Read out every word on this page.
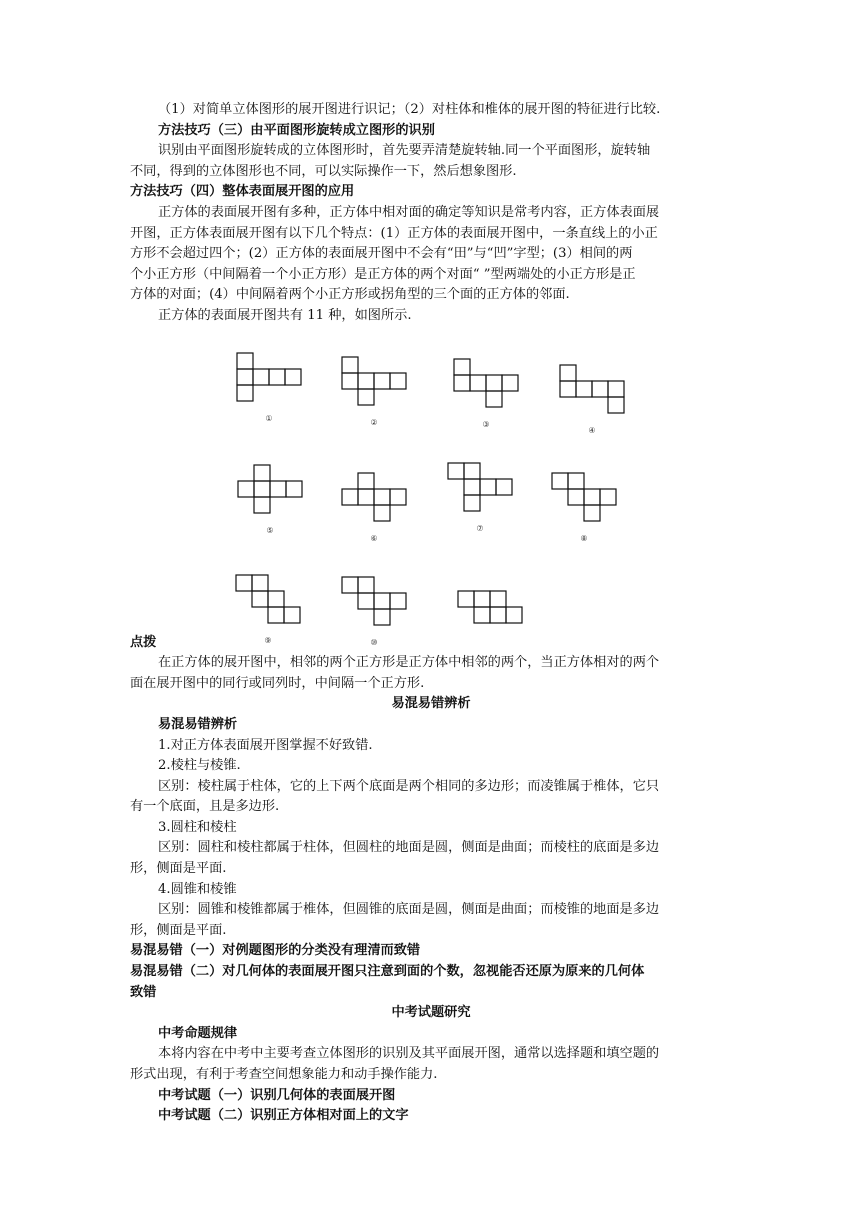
（1）对简单立体图形的展开图进行识记；（2）对柱体和椎体的展开图的特征进行比较.
方法技巧（三）由平面图形旋转成立图形的识别
识别由平面图形旋转成的立体图形时，首先要弄清楚旋转轴.同一个平面图形，旋转轴
不同，得到的立体图形也不同，可以实际操作一下，然后想象图形.
方法技巧（四）整体表面展开图的应用
正方体的表面展开图有多种，正方体中相对面的确定等知识是常考内容，正方体表面展
开图，正方体表面展开图有以下几个特点：(1）正方体的表面展开图中，一条直线上的小正
方形不会超过四个；(2）正方体的表面展开图中不会有“田”与“凹”字型；(3）相间的两
个小正方形（中间隔着一个小正方形）是正方体的两个对面“ ”型两端处的小正方形是正
方体的对面；(4）中间隔着两个小正方形或拐角型的三个面的正方体的邻面.
正方体的表面展开图共有 11 种，如图所示.
①	②	③
④
⑤
⑥
⑦
⑧
⑨	⑩
点拨
在正方体的展开图中，相邻的两个正方形是正方体中相邻的两个，当正方体相对的两个
面在展开图中的同行或同列时，中间隔一个正方形.
易混易错辨析
易混易错辨析
1.对正方体表面展开图掌握不好致错.
2.棱柱与棱锥.
区别：棱柱属于柱体，它的上下两个底面是两个相同的多边形；而凌锥属于椎体，它只
有一个底面，且是多边形.
3.圆柱和棱柱
区别：圆柱和棱柱都属于柱体，但圆柱的地面是圆，侧面是曲面；而棱柱的底面是多边
形，侧面是平面.
4.圆锥和棱锥
区别：圆锥和棱锥都属于椎体，但圆锥的底面是圆，侧面是曲面；而棱锥的地面是多边
形，侧面是平面.
易混易错（一）对例题图形的分类没有理清而致错
易混易错（二）对几何体的表面展开图只注意到面的个数，忽视能否还原为原来的几何体
致错
中考试题研究
中考命题规律
本将内容在中考中主要考查立体图形的识别及其平面展开图，通常以选择题和填空题的
形式出现，有利于考查空间想象能力和动手操作能力.
中考试题（一）识别几何体的表面展开图
中考试题（二）识别正方体相对面上的文字
